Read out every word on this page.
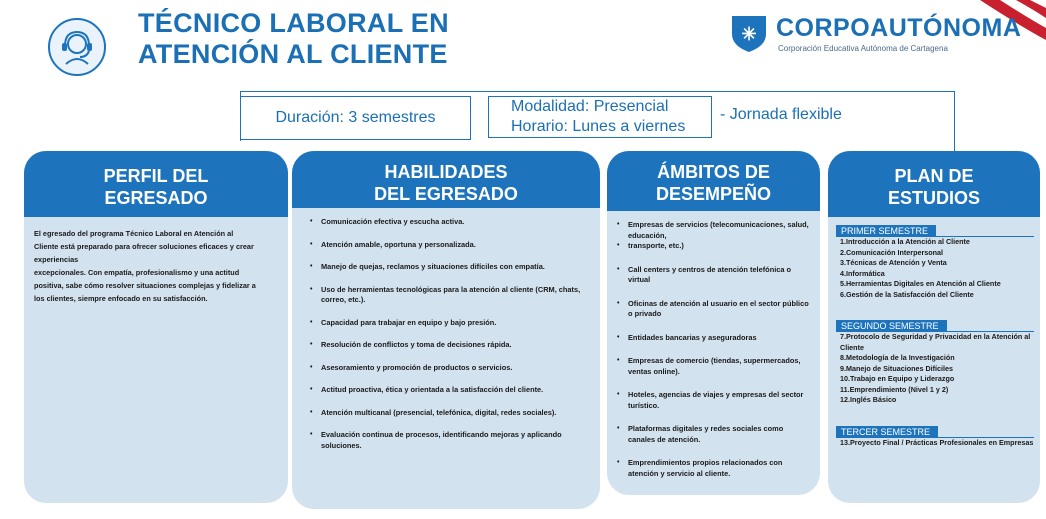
TÉCNICO LABORAL EN
ATENCIÓN AL CLIENTE
✳ CORPOAUTÓNOMA
Corporación Educativa Autónoma de Cartagena
Duración: 3 semestres
Modalidad: Presencial
Horario: Lunes a viernes
- Jornada flexible
PERFIL DEL
EGRESADO
El egresado del programa Técnico Laboral en Atención al
Cliente está preparado para ofrecer soluciones eficaces y crear
experiencias
excepcionales. Con empatía, profesionalismo y una actitud
positiva, sabe cómo resolver situaciones complejas y fidelizar a
los clientes, siempre enfocado en su satisfacción.
HABILIDADES
DEL EGRESADO
• Comunicación efectiva y escucha activa.
• Atención amable, oportuna y personalizada.
• Manejo de quejas, reclamos y situaciones difíciles con empatía.
• Uso de herramientas tecnológicas para la atención al cliente (CRM, chats, correo, etc.).
• Capacidad para trabajar en equipo y bajo presión.
• Resolución de conflictos y toma de decisiones rápida.
• Asesoramiento y promoción de productos o servicios.
• Actitud proactiva, ética y orientada a la satisfacción del cliente.
• Atención multicanal (presencial, telefónica, digital, redes sociales).
• Evaluación continua de procesos, identificando mejoras y aplicando soluciones.
ÁMBITOS DE
DESEMPEÑO
• Empresas de servicios (telecomunicaciones, salud, educación,
• transporte, etc.)
• Call centers y centros de atención telefónica o virtual
• Oficinas de atención al usuario en el sector público o privado
• Entidades bancarias y aseguradoras
• Empresas de comercio (tiendas, supermercados, ventas online).
• Hoteles, agencias de viajes y empresas del sector turístico.
• Plataformas digitales y redes sociales como canales de atención.
• Emprendimientos propios relacionados con atención y servicio al cliente.
PLAN DE
ESTUDIOS
PRIMER SEMESTRE
1.Introducción a la Atención al Cliente
2.Comunicación Interpersonal
3.Técnicas de Atención y Venta
4.Informática
5.Herramientas Digitales en Atención al Cliente
6.Gestión de la Satisfacción del Cliente
SEGUNDO SEMESTRE
7.Protocolo de Seguridad y Privacidad en la Atención al Cliente
8.Metodología de la Investigación
9.Manejo de Situaciones Difíciles
10.Trabajo en Equipo y Liderazgo
11.Emprendimiento (Nivel 1 y 2)
12.Inglés Básico
TERCER SEMESTRE
13.Proyecto Final / Prácticas Profesionales en Empresas
